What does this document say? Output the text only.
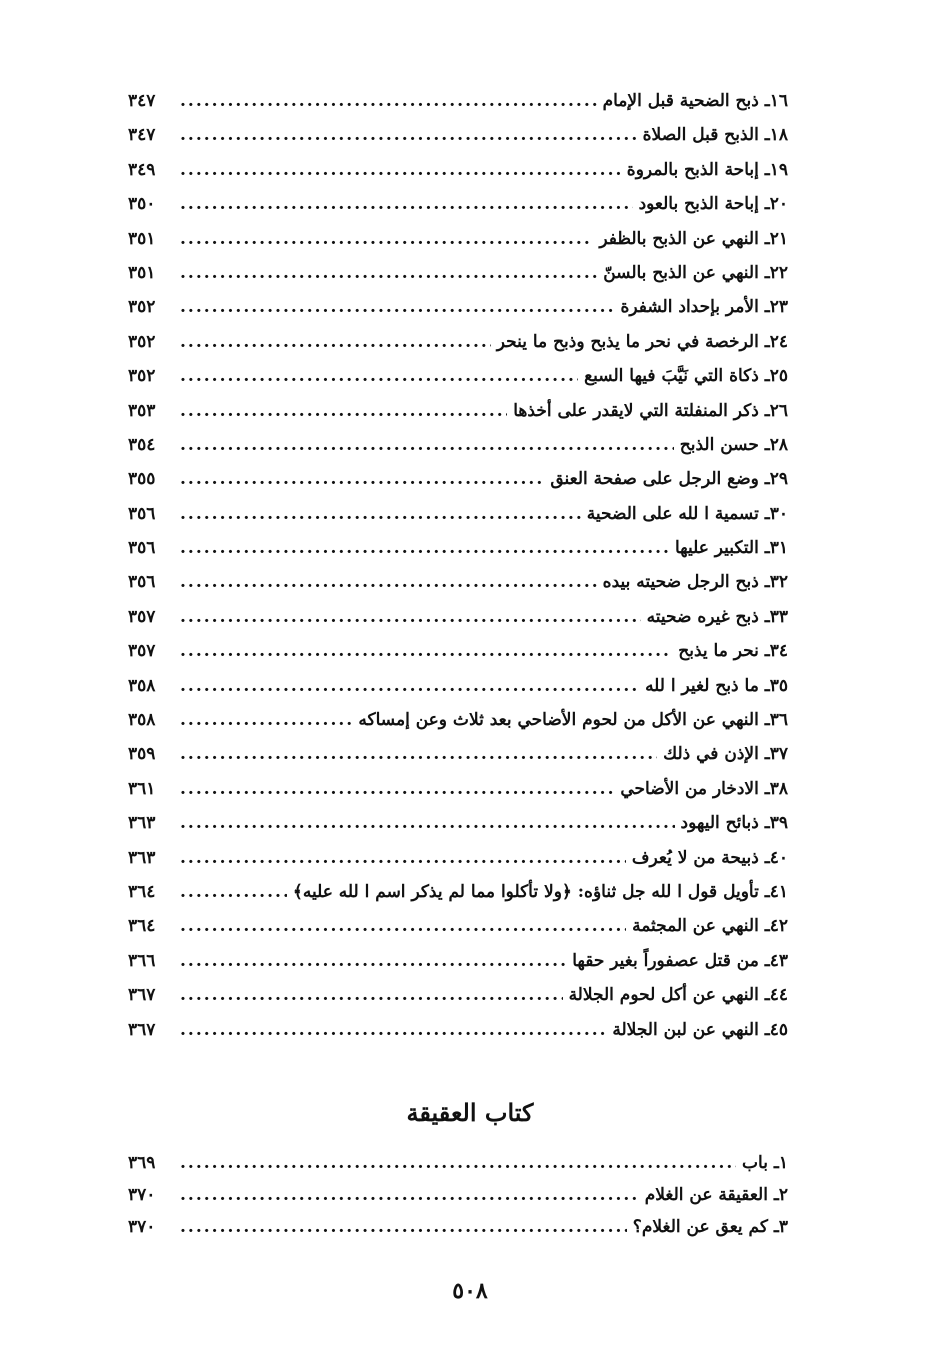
١٦ـ ذبح الضحية قبل الإمام
.....
٣٤٧
١٨ـ الذبح قبل الصلاة
.....
٣٤٧
١٩ـ إباحة الذبح بالمروة
.....
٣٤٩
٢٠ـ إباحة الذبح بالعود
.....
٣٥٠
٢١ـ النهي عن الذبح بالظفر
.....
٣٥١
٢٢ـ النهي عن الذبح بالسنّ
.....
٣٥١
٢٣ـ الأمر بإحداد الشفرة
.....
٣٥٢
٢٤ـ الرخصة في نحر ما يذبح وذبح ما ينحر
.....
٣٥٢
٢٥ـ ذكاة التي نَيَّبَ فيها السبع
.....
٣٥٢
٢٦ـ ذكر المنفلتة التي لايقدر على أخذها
.....
٣٥٣
٢٨ـ حسن الذبح
.....
٣٥٤
٢٩ـ وضع الرجل على صفحة العنق
.....
٣٥٥
٣٠ـ تسمية ا لله على الضحية
.....
٣٥٦
٣١ـ التكبير عليها
.....
٣٥٦
٣٢ـ ذبح الرجل ضحيته بيده
.....
٣٥٦
٣٣ـ ذبح غيره ضحيته
.....
٣٥٧
٣٤ـ نحر ما يذبح
.....
٣٥٧
٣٥ـ ما ذبح لغير ا لله
.....
٣٥٨
٣٦ـ النهي عن الأكل من لحوم الأضاحي بعد ثلاث وعن إمساكه
.....
٣٥٨
٣٧ـ الإذن في ذلك
.....
٣٥٩
٣٨ـ الادخار من الأضاحي
.....
٣٦١
٣٩ـ ذبائح اليهود
.....
٣٦٣
٤٠ـ ذبيحة من لا يُعرف
.....
٣٦٣
٤١ـ تأويل قول ا لله جل ثناؤه: ﴿ولا تأكلوا مما لم يذكر اسم ا لله عليه﴾
.....
٣٦٤
٤٢ـ النهي عن المجثمة
.....
٣٦٤
٤٣ـ من قتل عصفوراً بغير حقها
.....
٣٦٦
٤٤ـ النهي عن أكل لحوم الجلالة
.....
٣٦٧
٤٥ـ النهي عن لبن الجلالة
.....
٣٦٧
كتاب العقيقة
١ـ باب
.....
٣٦٩
٢ـ العقيقة عن الغلام
.....
٣٧٠
٣ـ كم يعق عن الغلام؟
.....
٣٧٠
٥٠٨
